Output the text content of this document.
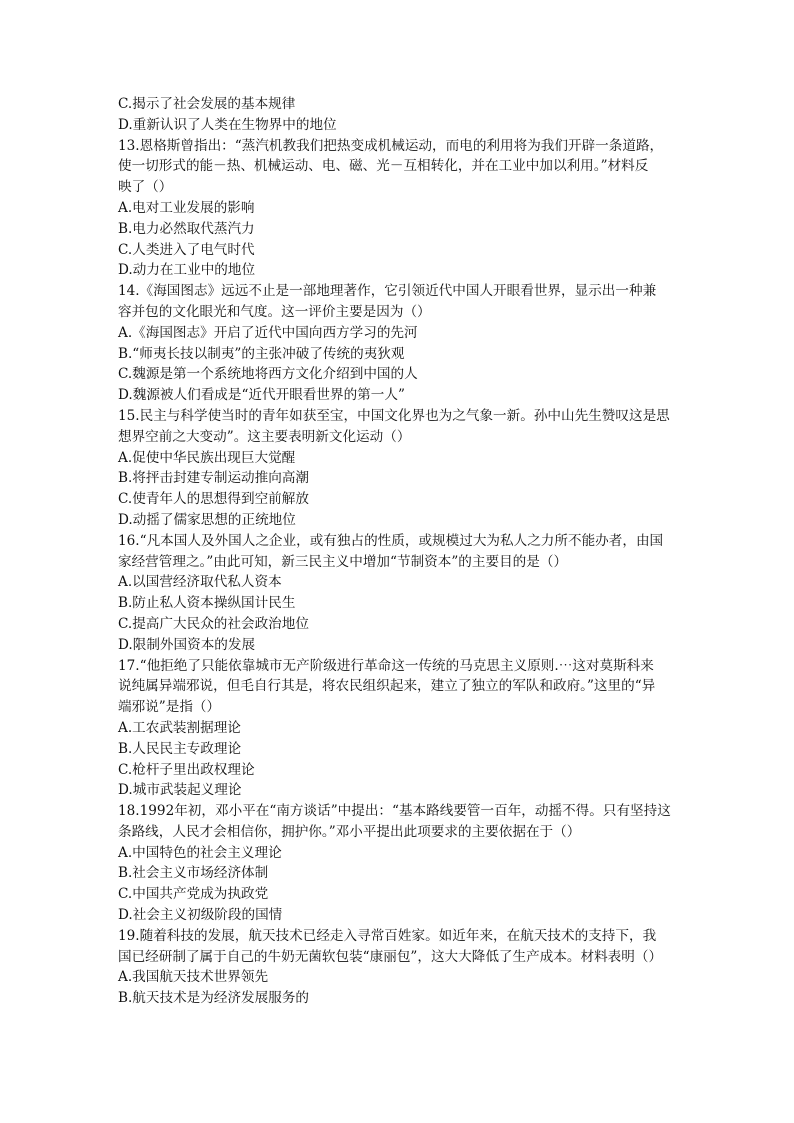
C.揭示了社会发展的基本规律

D.重新认识了人类在生物界中的地位

13.恩格斯曾指出：“蒸汽机教我们把热变成机械运动，而电的利用将为我们开辟一条道路，

使一切形式的能－热、机械运动、电、磁、光－互相转化，并在工业中加以利用。”材料反

映了（）

A.电对工业发展的影响

B.电力必然取代蒸汽力

C.人类进入了电气时代

D.动力在工业中的地位

14.《海国图志》远远不止是一部地理著作，它引领近代中国人开眼看世界，显示出一种兼

容并包的文化眼光和气度。这一评价主要是因为（）

A.《海国图志》开启了近代中国向西方学习的先河

B.“师夷长技以制夷”的主张冲破了传统的夷狄观

C.魏源是第一个系统地将西方文化介绍到中国的人

D.魏源被人们看成是“近代开眼看世界的第一人”

15.民主与科学使当时的青年如获至宝，中国文化界也为之气象一新。孙中山先生赞叹这是思

想界空前之大变动”。这主要表明新文化运动（）

A.促使中华民族出现巨大觉醒

B.将抨击封建专制运动推向高潮

C.使青年人的思想得到空前解放

D.动摇了儒家思想的正统地位

16.“凡本国人及外国人之企业，或有独占的性质，或规模过大为私人之力所不能办者，由国

家经营管理之。”由此可知，新三民主义中增加“节制资本”的主要目的是（）

A.以国营经济取代私人资本

B.防止私人资本操纵国计民生

C.提高广大民众的社会政治地位

D.限制外国资本的发展

17.“他拒绝了只能依靠城市无产阶级进行革命这一传统的马克思主义原则.⋯这对莫斯科来

说纯属异端邪说，但毛自行其是，将农民组织起来，建立了独立的军队和政府。”这里的“异

端邪说”是指（）

A.工农武装割据理论

B.人民民主专政理论

C.枪杆子里出政权理论

D.城市武装起义理论

18.1992年初，邓小平在“南方谈话”中提出：“基本路线要管一百年，动摇不得。只有坚持这

条路线，人民才会相信你，拥护你。”邓小平提出此项要求的主要依据在于（）

A.中国特色的社会主义理论

B.社会主义市场经济体制

C.中国共产党成为执政党

D.社会主义初级阶段的国情

19.随着科技的发展，航天技术已经走入寻常百姓家。如近年来，在航天技术的支持下，我

国已经研制了属于自己的牛奶无菌软包装“康丽包”，这大大降低了生产成本。材料表明（）

A.我国航天技术世界领先

B.航天技术是为经济发展服务的
